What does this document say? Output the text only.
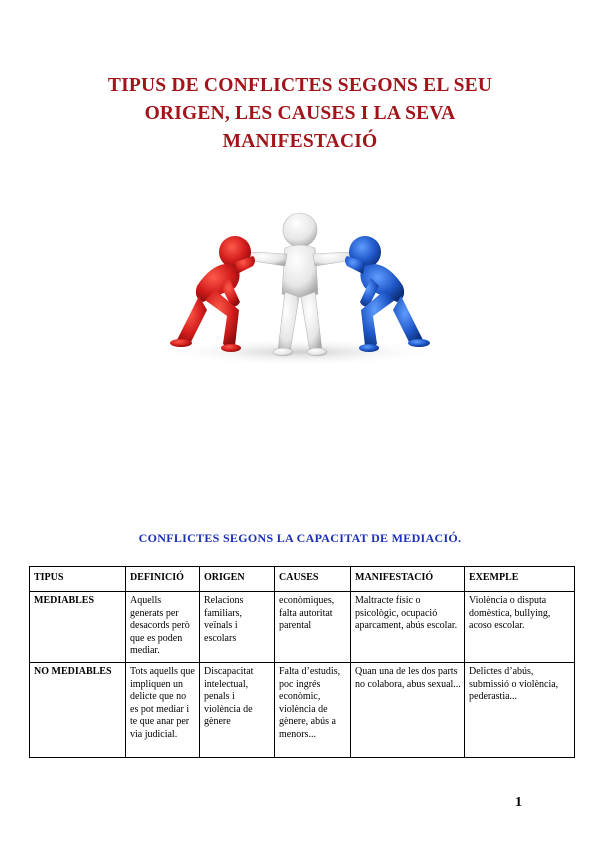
TIPUS DE CONFLICTES SEGONS EL SEU
ORIGEN, LES CAUSES I LA SEVA
MANIFESTACIÓ
CONFLICTES SEGONS LA CAPACITAT DE MEDIACIÓ.
TIPUS	DEFINICIÓ	ORIGEN	CAUSES	MANIFESTACIÓ	EXEMPLE
MEDIABLES	Aquells generats per desacords però que es poden mediar.	Relacions familiars, veïnals i escolars	econòmiques, falta autoritat parental	Maltracte físic o psicològic, ocupació aparcament, abús escolar.	Violència o disputa domèstica, bullying, acoso escolar.
NO MEDIABLES	Tots aquells que impliquen un delicte que no es pot mediar i te que anar per via judicial.	Discapacitat intelectual, penals i violència de gènere	Falta d’estudis, poc ingrés econòmic, violència de gènere, abús a menors...	Quan una de les dos parts no colabora, abus sexual...	Delictes d’abús, submissió o violència, pederastia...
1
